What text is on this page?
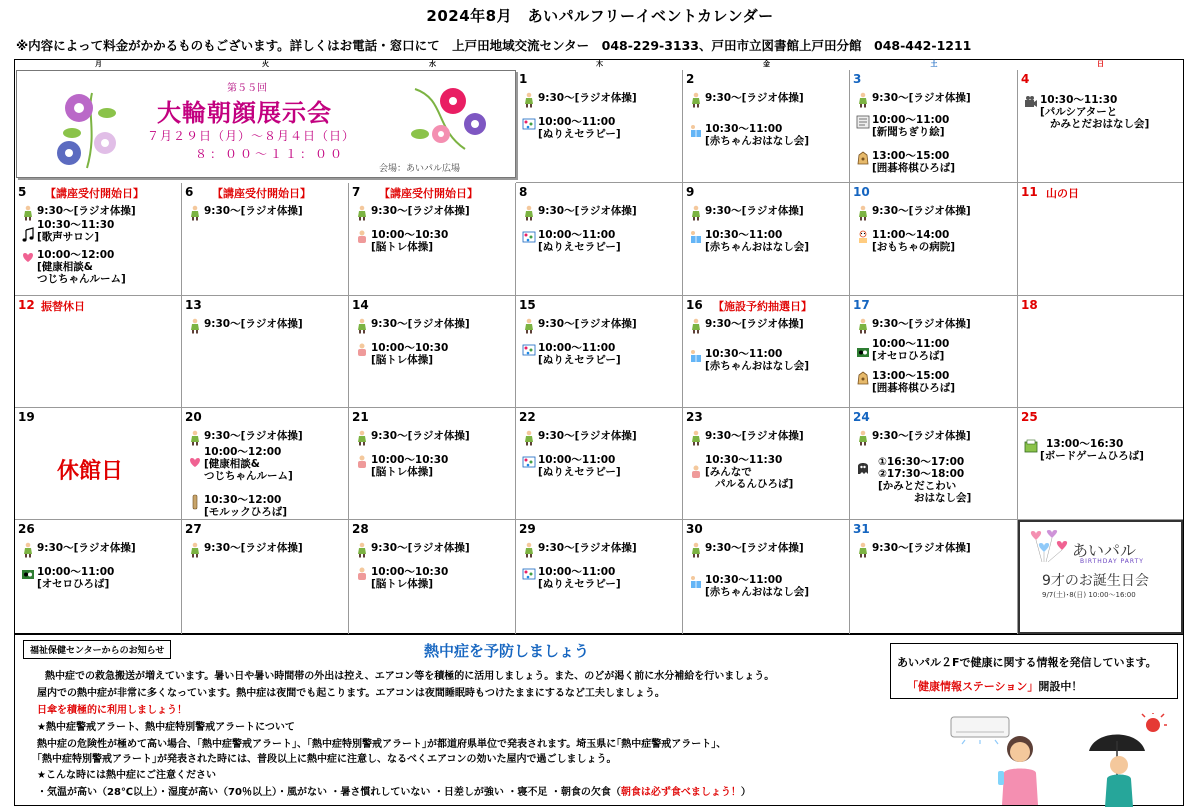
2024年8月　あいパルフリーイベントカレンダー
※内容によって料金がかかるものもございます。詳しくはお電話・窓口にて　上戸田地域交流センター　048-229-3133、戸田市立図書館上戸田分館　048-442-1211
月	火	水	木	金	土	日
第５５回
大輪朝顔展示会
７月２９日（月）～８月４日（日）
８：００～１１：００
会場：あいパル広場
1
9:30～[ラジオ体操]
10:00～11:00
[ぬりえセラピー]
2
9:30～[ラジオ体操]
10:30～11:00
[赤ちゃんおはなし会]
3
9:30～[ラジオ体操]
10:00～11:00
[新聞ちぎり絵]
13:00～15:00
[囲碁将棋ひろば]
4
10:30～11:30
[パルシアターと
かみとだおはなし会]
5 【講座受付開始日】
9:30～[ラジオ体操]
10:30～11:30
[歌声サロン]
10:00～12:00
[健康相談&
つじちゃんルーム]
6 【講座受付開始日】
9:30～[ラジオ体操]
7 【講座受付開始日】
9:30～[ラジオ体操]
10:00～10:30
[脳トレ体操]
8
9:30～[ラジオ体操]
10:00～11:00
[ぬりえセラピー]
9
9:30～[ラジオ体操]
10:30～11:00
[赤ちゃんおはなし会]
10
9:30～[ラジオ体操]
11:00～14:00
[おもちゃの病院]
11 山の日
12 振替休日	13
9:30～[ラジオ体操]
14
9:30～[ラジオ体操]
10:00～10:30
[脳トレ体操]
15
9:30～[ラジオ体操]
10:00～11:00
[ぬりえセラピー]
16 【施設予約抽選日】
9:30～[ラジオ体操]
10:30～11:00
[赤ちゃんおはなし会]
17
9:30～[ラジオ体操]
10:00～11:00
[オセロひろば]
13:00～15:00
[囲碁将棋ひろば]
18
19
休館日
20
9:30～[ラジオ体操]
10:00～12:00
[健康相談&
つじちゃんルーム]
10:30～12:00
[モルックひろば]
21
9:30～[ラジオ体操]
10:00～10:30
[脳トレ体操]
22
9:30～[ラジオ体操]
10:00～11:00
[ぬりえセラピー]
23
9:30～[ラジオ体操]
10:30～11:30
[みんなで
パルるんひろば]
24
9:30～[ラジオ体操]
①16:30～17:00
②17:30～18:00
[かみとだこわい
おはなし会]
25
13:00～16:30
[ボードゲームひろば]
26
9:30～[ラジオ体操]
10:00～11:00
[オセロひろば]
27
9:30～[ラジオ体操]
28
9:30～[ラジオ体操]
10:00～10:30
[脳トレ体操]
29
9:30～[ラジオ体操]
10:00～11:00
[ぬりえセラピー]
30
9:30～[ラジオ体操]
10:30～11:00
[赤ちゃんおはなし会]
31
9:30～[ラジオ体操]	あいパル
BIRTHDAY PARTY
9才のお誕生日会
9/7(土)･8(日) 10:00～16:00
福祉保健センターからのお知らせ	熱中症を予防しましょう
熱中症での救急搬送が増えています。暑い日や暑い時間帯の外出は控え、エアコン等を積極的に活用しましょう。また、のどが渇く前に水分補給を行いましょう。
屋内での熱中症が非常に多くなっています。熱中症は夜間でも起こります。エアコンは夜間睡眠時もつけたままにするなど工夫しましょう。
日傘を積極的に利用しましょう！
★熱中症警戒アラート、熱中症特別警戒アラートについて
熱中症の危険性が極めて高い場合、｢熱中症警戒アラート｣、｢熱中症特別警戒アラート｣が都道府県単位で発表されます。埼玉県に｢熱中症警戒アラート｣、
｢熱中症特別警戒アラート｣が発表された時には、普段以上に熱中症に注意し、なるべくエアコンの効いた屋内で過ごしましょう。
★こんな時には熱中症にご注意ください
・気温が高い（28℃以上）・湿度が高い（70％以上）・風がない ・暑さ慣れしていない ・日差しが強い ・寝不足 ・朝食の欠食（朝食は必ず食べましょう！）
あいパル２Fで健康に関する情報を発信しています。
「健康情報ステーション」開設中！
